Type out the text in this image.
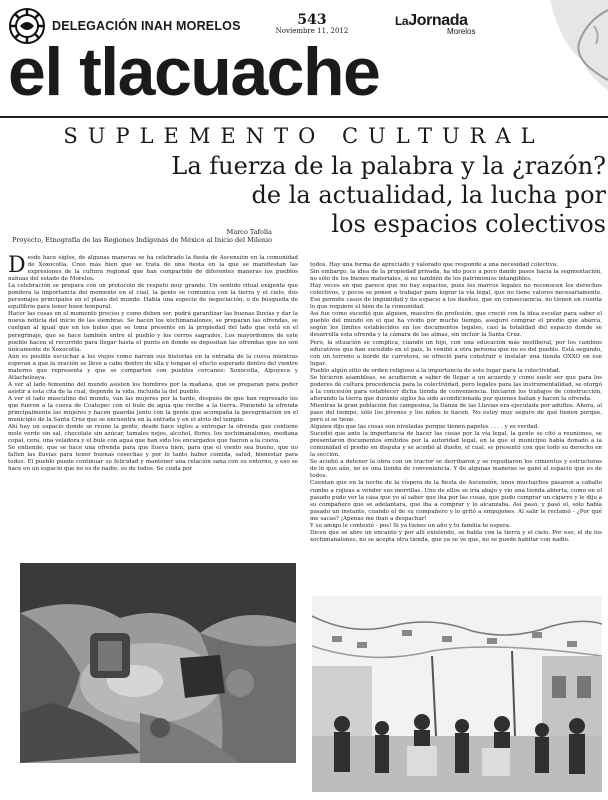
DELEGACIÓN INAH MORELOS	543
Noviembre 11, 2012
LaJornada
Morelos
el tlacuache
SUPLEMENTO CULTURAL
La fuerza de la palabra y la ¿razón?
de la actualidad, la lucha por
los espacios colectivos
Marco Tafolla
Proyecto, Etnografía de las Regiones Indígenas de México al Inicio del Milenio

Desde hace siglos, de algunas maneras se ha celebrado la fiesta de Ascensión en la comunidad de Xoxocotla. Creo más bien que se trata de una fiesta en la que se manifiestan las expresiones de la cultura regional que han compartido de diferentes maneras los pueblos nahuas del estado de Morelos.

La celebración se prepara con un protocolo de respeto muy grande. Un sentido ritual exigente que pondera la importancia del momento en el cual, la gente se comunica con la tierra y el cielo, dos personajes principales en el plano del mundo. Habla una especie de negociación, o de búsqueda de equilibrio para tener buen temporal.

Hacer las cosas en el momento preciso y como deben ser, podrá garantizar las buenas lluvias y dar la nueva noticia del inicio de las siembras. Se hacen los xochimanalones, se preparan las ofrendas, se cuelgan al igual que en los bules que se toma presente en la propiedad del lado que está en el peregrinaje, que se hace también entre el pueblo y los cerros sagrados. Los mayordomos de este pueblo hacen el recorrido para llegar hasta el punto en donde se depositan las ofrendas que no son únicamente de Xoxocotla.

Aún es posible escuchar a los viejos como narran sus historias en la entrada de la cueva mientras esperan a que la oración se lleve a cabo dentro de ella y tengan el efecto esperado dentro del vientre materno que representa y que se comparten con pueblos cercanos: Xoxocotla, Alpuyeca y Atlacholoaya.

A ver al lado femenino del mundo asisten los hombres por la mañana, que se preparan para poder asistir a esta cita de la cual, depende la vida, incluida la del pueblo.

A ver el lado masculino del mundo, van las mujeres por la tarde, después de que han regresado los que fueron a la cueva de Coatepec con el bule de agua que recibe a la tierra. Poniendo la ofrenda principalmente las mujeres y hacen guardia junto con la gente que acompaña la peregrinación en el municipio de la Santa Cruz que se encuentra en la entrada y en el atrio del templo.

Ahí hay un espacio donde se reúne la gente, desde hace siglos a entregar la ofrenda que contiene mole verde sin sal, chocolate sin azúcar, tamales nejos, alcohol, flores, los xochimanalones, mediana copal, cera, una veladora y el bule con agua que han sido los encargados que fueron a la cueva.

Se entiende, que se hace una ofrenda para que llueva bien, para que el viento sea bueno, que no falten las lluvias para tener buenas cosechas y por lo tanto haber comida, salud, bienestar para todos. El pueblo puede continuar su felicidad y mantener una relación sana con su entorno, y eso se hace en un espacio que no es de nadie, es de todos. Se cuida por

todos. Hay una forma de apreciado y valorado que responde a una necesidad colectiva.

Sin embargo, la idea de la propiedad privada, ha ido poco a poco dando pasos hacia la segmentación, no sólo de los bienes materiales, si no también de los patrimonios intangibles.

Hay veces en que parece que no hay espacios, pues los marcos legales no reconocen los derechos colectivos, y pocos se ponen a trabajar para lograr la vía legal, que no tiene valores necesariamente. Eso permite casos de impunidad y da espacio a los dueños, que en consecuencia, no tienen en cuenta lo que requiere el bien de la comunidad.

Así fue como sucedió que alguien, maestro de profesión, que creció con la idea escolar para saber el pueblo del mundo en el que ha vivido por mucho tiempo, aseguró comprar el predio que abarca, según los límites establecidos en los documentos legales, casi la totalidad del espacio donde se desarrolla esta ofrenda y la cámara de las almas, sin incluir la Santa Cruz.

Pero, la situación se complica, cuando un hijo, con una educación más neoliberal, por los cambios educativos que han sucedido en el país, lo vendió a otra persona que no es del pueblo. Está segundo, con un terreno a borde de carretera, se ofreció para construir e instalar una tienda OXXO en ese lugar.

Pueblo algún sitio de orden religioso a la importancia de este lugar para la colectividad.

Se hicieron asambleas, se acudieron a saber de llegar a un acuerdo y como suele ser que para los poderes de cultura procedencia para la colectividad, pero legales para las instrumentalidad, se otorgó a la concesión para establecer dicha tienda de conveniencia. Iniciaron los trabajos de construcción, alterando la tierra que durante siglos ha sido acondicionada por quienes bailan y hacen la ofrenda.

Mientras la gran población fue campesina, la Danza de las Lluvias era ejecutada por adultos. Ahora, al paso del tiempo, sólo los jóvenes y los niños lo hacen. No estoy muy seguro de qué tienen porque, pero si se tiene.

Alguien dijo que las cosas son niveladas porque tienen papeles . . . . y es verdad.

Sucedió que ante la importancia de hacer las cosas por la vía legal, la gente se citó a reuniones, se presentaron documentos emitidos por la autoridad legal, en la que el municipio había donado a la comunidad el predio en disputa y se acudió al dueño, el cual, se presentó con que todo su derecho en la sección.

Se acudió a detener la obra con un tractor se derribaron y se repudiaron los cimientos y estructuras de lo que aún, no es una tienda de conveniencia. Y de algunas maneras se ganó el espacio que es de todos.

Cuentan que en la noche de la víspera de la fiesta de Ascensión, unos muchachos pasaron a caballo rumbo a rojizas a vender sus morrillas. Uno de ellos se iría abajo y vio una tienda abierta, como en el pasado pudo ver la casa que yo al saber que iba por las cosas, que pudo comprar un cigarro y le dijo a su compañero que se adelantara, que iba a comprar y lo alcanzaba. Así pasó, y pasó el, sólo había pasado un instante, cuando el de su compañero y lo gritó a empujones. Al salir le reclamó - ¿Por qué me sacas? ¡Apenas me iban a despachar!

Y su amigo le contestó - pos! Si ya tienes un año y tu familia te espera.

Dicen que se abre un encanto y por allí existendo, se habla con la tierra y el cielo. Por eso, el de los xochimanalones, no se acepta otra tienda, que ya se ve que, no se puede habitar con nadie.
